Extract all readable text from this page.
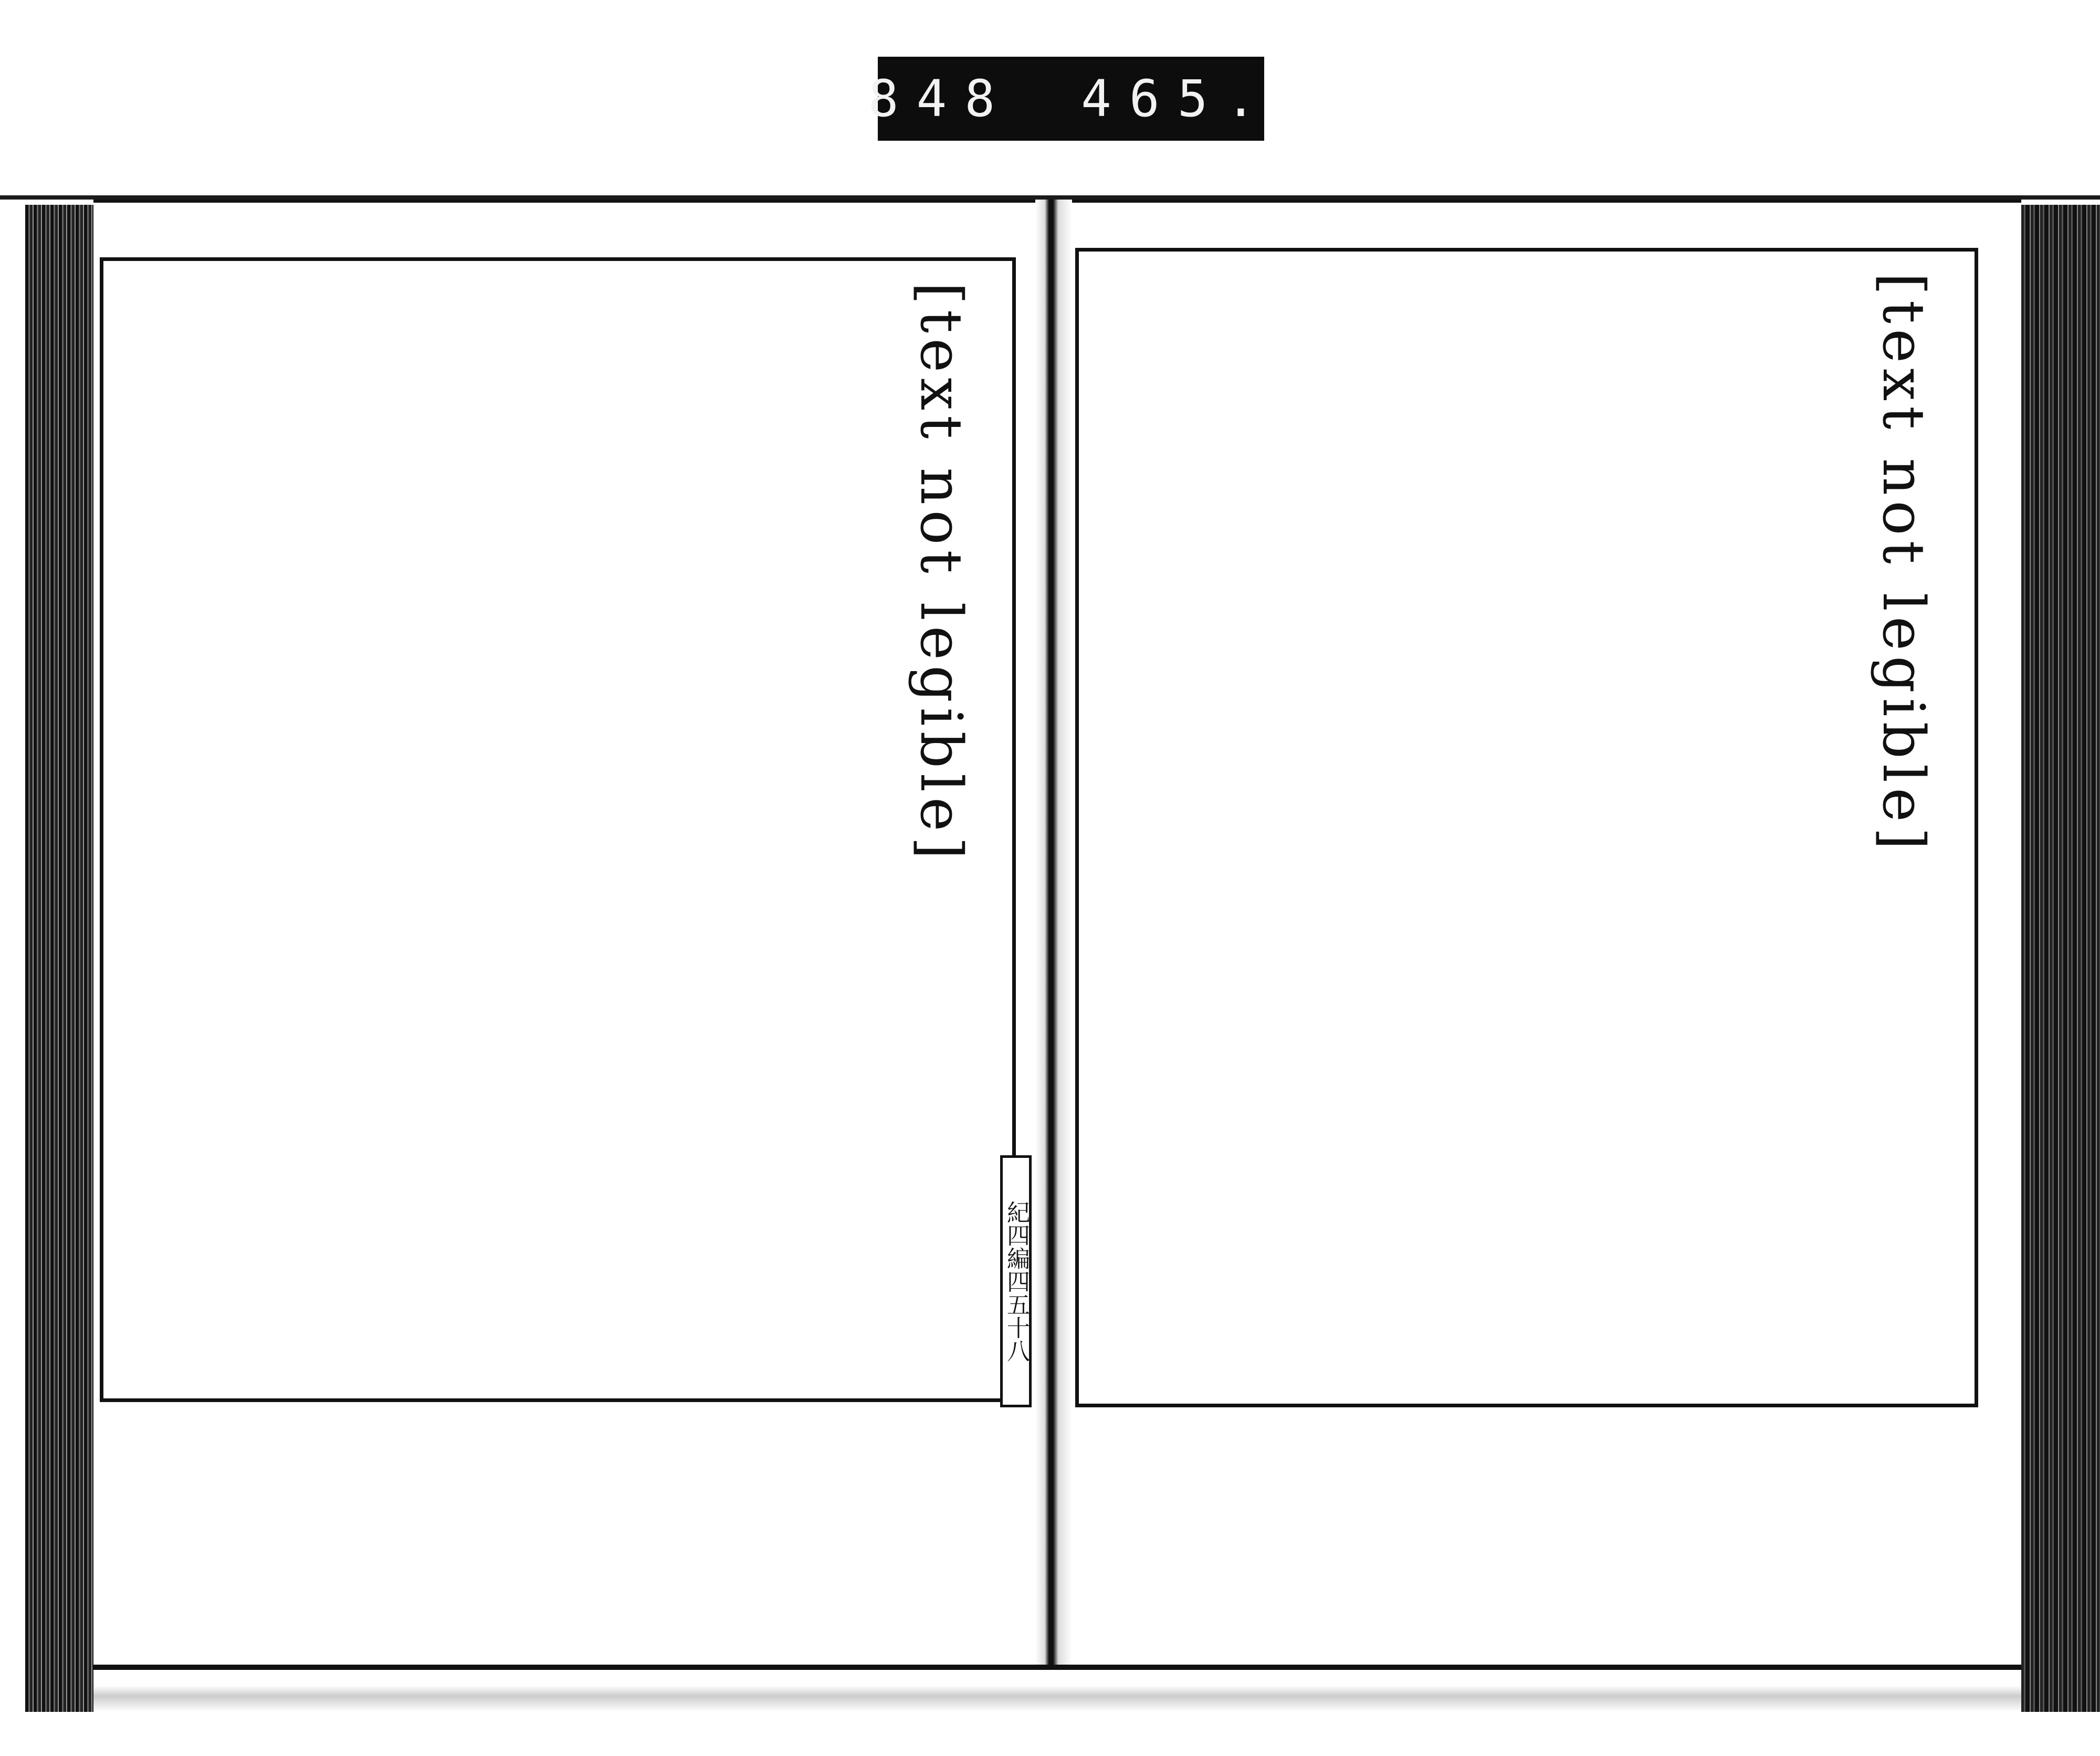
848 465.
[text not legible]	[text not legible]
紀四編四五十八
